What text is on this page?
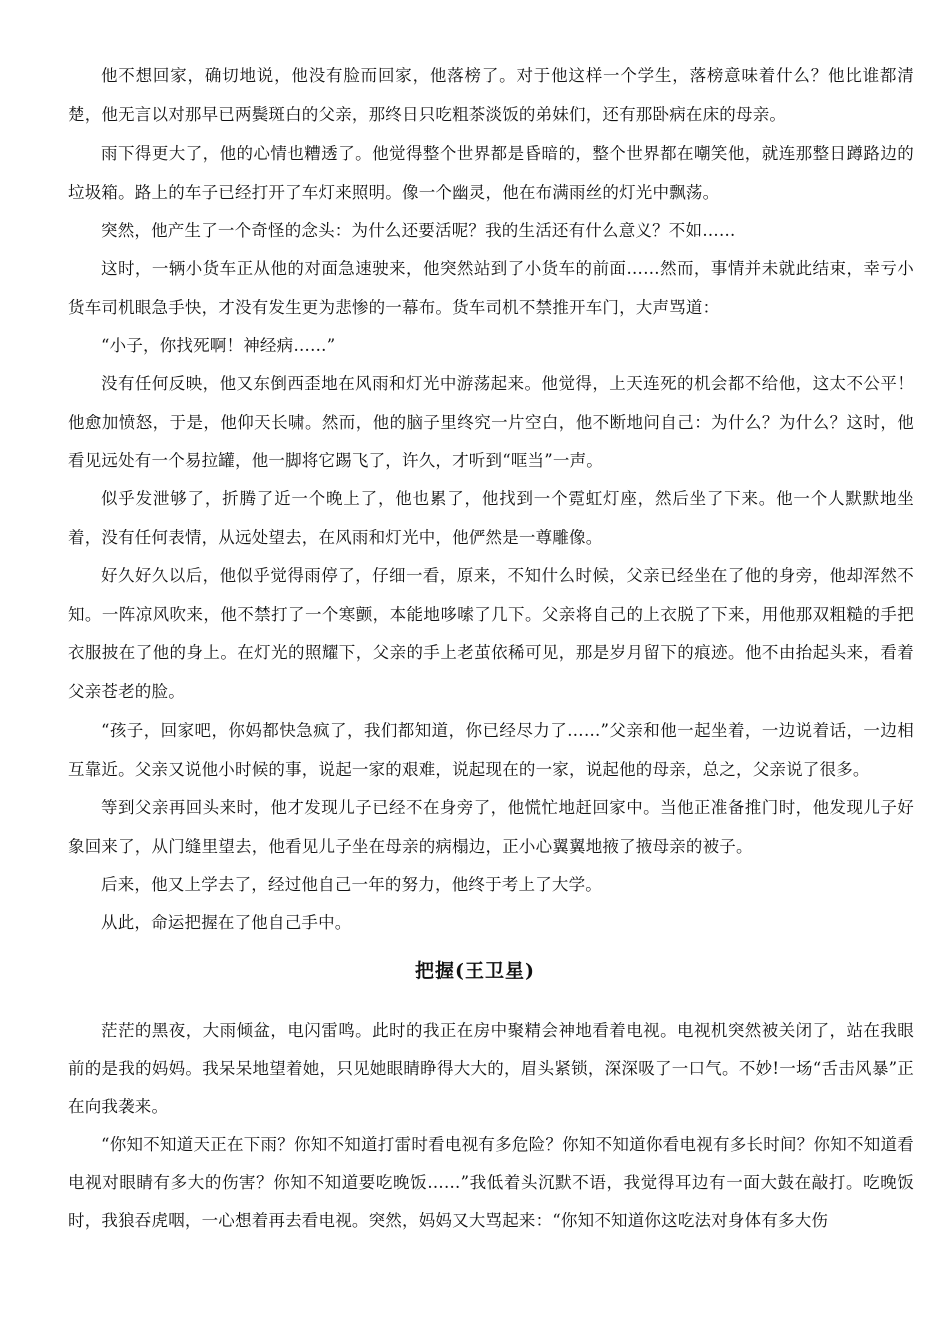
他不想回家，确切地说，他没有脸而回家，他落榜了。对于他这样一个学生，落榜意味着什么？他比谁都清楚，他无言以对那早已两鬓斑白的父亲，那终日只吃粗茶淡饭的弟妹们，还有那卧病在床的母亲。

雨下得更大了，他的心情也糟透了。他觉得整个世界都是昏暗的，整个世界都在嘲笑他，就连那整日蹲路边的垃圾箱。路上的车子已经打开了车灯来照明。像一个幽灵，他在布满雨丝的灯光中飘荡。

突然，他产生了一个奇怪的念头：为什么还要活呢？我的生活还有什么意义？不如……

这时，一辆小货车正从他的对面急速驶来，他突然站到了小货车的前面……然而，事情并未就此结束，幸亏小货车司机眼急手快，才没有发生更为悲惨的一幕布。货车司机不禁推开车门，大声骂道：

“小子，你找死啊！神经病……”

没有任何反映，他又东倒西歪地在风雨和灯光中游荡起来。他觉得，上天连死的机会都不给他，这太不公平！他愈加愤怒，于是，他仰天长啸。然而，他的脑子里终究一片空白，他不断地问自己：为什么？为什么？这时，他看见远处有一个易拉罐，他一脚将它踢飞了，许久，才听到“哐当”一声。

似乎发泄够了，折腾了近一个晚上了，他也累了，他找到一个霓虹灯座，然后坐了下来。他一个人默默地坐着，没有任何表情，从远处望去，在风雨和灯光中，他俨然是一尊雕像。

好久好久以后，他似乎觉得雨停了，仔细一看，原来，不知什么时候，父亲已经坐在了他的身旁，他却浑然不知。一阵凉风吹来，他不禁打了一个寒颤，本能地哆嗦了几下。父亲将自己的上衣脱了下来，用他那双粗糙的手把衣服披在了他的身上。在灯光的照耀下，父亲的手上老茧依稀可见，那是岁月留下的痕迹。他不由抬起头来，看着父亲苍老的脸。

“孩子，回家吧，你妈都快急疯了，我们都知道，你已经尽力了……”父亲和他一起坐着，一边说着话，一边相互靠近。父亲又说他小时候的事，说起一家的艰难，说起现在的一家，说起他的母亲，总之，父亲说了很多。

等到父亲再回头来时，他才发现儿子已经不在身旁了，他慌忙地赶回家中。当他正准备推门时，他发现儿子好象回来了，从门缝里望去，他看见儿子坐在母亲的病榻边，正小心翼翼地掖了掖母亲的被子。

后来，他又上学去了，经过他自己一年的努力，他终于考上了大学。

从此，命运把握在了他自己手中。

把握(王卫星)

茫茫的黑夜，大雨倾盆，电闪雷鸣。此时的我正在房中聚精会神地看着电视。电视机突然被关闭了，站在我眼前的是我的妈妈。我呆呆地望着她，只见她眼睛睁得大大的，眉头紧锁，深深吸了一口气。不妙!一场“舌击风暴”正在向我袭来。

“你知不知道天正在下雨？你知不知道打雷时看电视有多危险？你知不知道你看电视有多长时间？你知不知道看电视对眼睛有多大的伤害？你知不知道要吃晚饭……”我低着头沉默不语，我觉得耳边有一面大鼓在敲打。吃晚饭时，我狼吞虎咽，一心想着再去看电视。突然，妈妈又大骂起来：“你知不知道你这吃法对身体有多大伤
